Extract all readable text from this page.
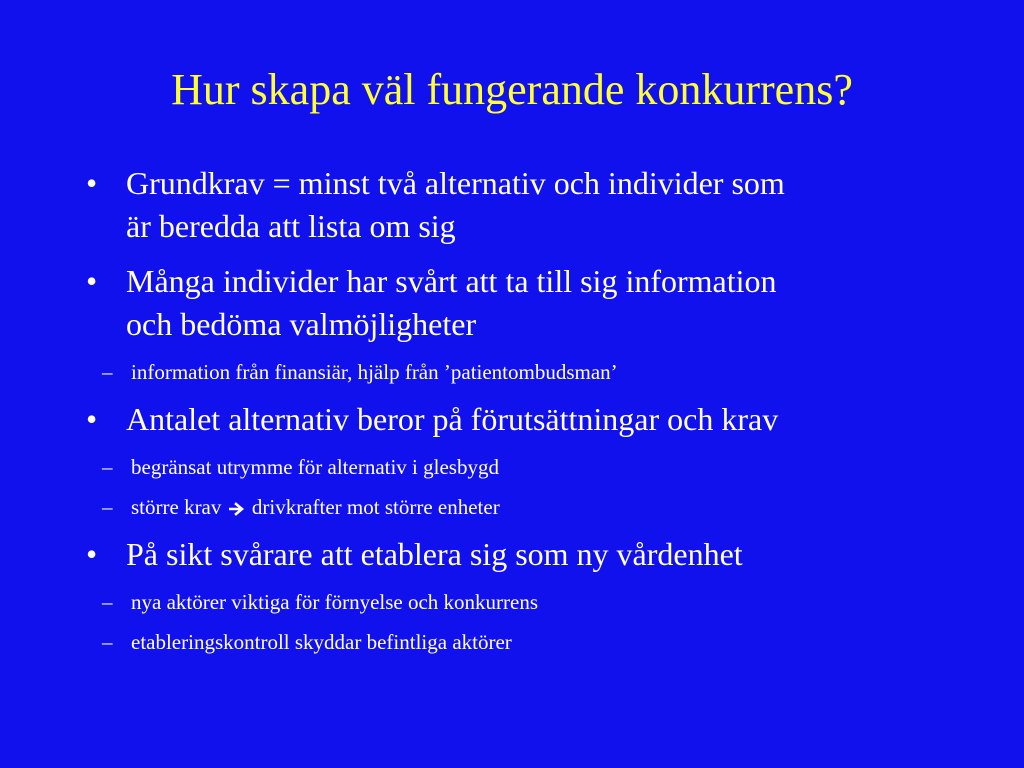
Hur skapa väl fungerande konkurrens?
• Grundkrav = minst två alternativ och individer som
är beredda att lista om sig
• Många individer har svårt att ta till sig information
och bedöma valmöjligheter
– information från finansiär, hjälp från ’patientombudsman’
• Antalet alternativ beror på förutsättningar och krav
– begränsat utrymme för alternativ i glesbygd
– större krav drivkrafter mot större enheter
• På sikt svårare att etablera sig som ny vårdenhet
– nya aktörer viktiga för förnyelse och konkurrens
– etableringskontroll skyddar befintliga aktörer
